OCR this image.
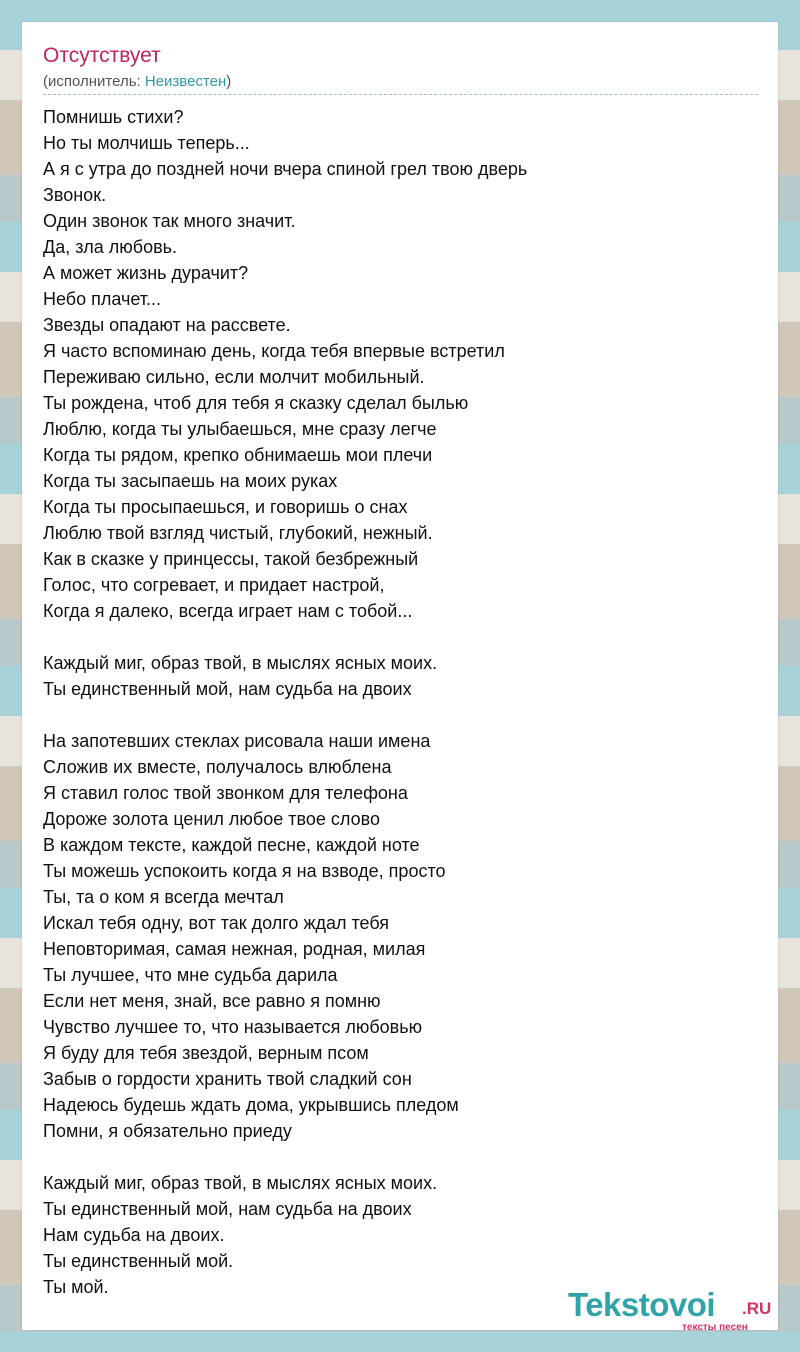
Отсутствует
(исполнитель: Неизвестен)
Помнишь стихи?
Но ты молчишь теперь...
А я с утра до поздней ночи вчера спиной грел твою дверь
Звонок.
Один звонок так много значит.
Да, зла любовь.
А может жизнь дурачит?
Небо плачет...
Звезды опадают на рассвете.
Я часто вспоминаю день, когда тебя впервые встретил
Переживаю сильно, если молчит мобильный.
Ты рождена, чтоб для тебя я сказку сделал былью
Люблю, когда ты улыбаешься, мне сразу легче
Когда ты рядом, крепко обнимаешь мои плечи
Когда ты засыпаешь на моих руках
Когда ты просыпаешься, и говоришь о снах
Люблю твой взгляд чистый, глубокий, нежный.
Как в сказке у принцессы, такой безбрежный
Голос, что согревает, и придает настрой,
Когда я далеко, всегда играет нам с тобой...
Каждый миг, образ твой, в мыслях ясных моих.
Ты единственный мой, нам судьба на двоих
На запотевших стеклах рисовала наши имена
Сложив их вместе, получалось влюблена
Я ставил голос твой звонком для телефона
Дороже золота ценил любое твое слово
В каждом тексте, каждой песне, каждой ноте
Ты можешь успокоить когда я на взводе, просто
Ты, та о ком я всегда мечтал
Искал тебя одну, вот так долго ждал тебя
Неповторимая, самая нежная, родная, милая
Ты лучшее, что мне судьба дарила
Если нет меня, знай, все равно я помню
Чувство лучшее то, что называется любовью
Я буду для тебя звездой, верным псом
Забыв о гордости хранить твой сладкий сон
Надеюсь будешь ждать дома, укрывшись пледом
Помни, я обязательно приеду
Каждый миг, образ твой, в мыслях ясных моих.
Ты единственный мой, нам судьба на двоих
Нам судьба на двоих.
Ты единственный мой.
Ты мой.	Tekstovoi .RU
тексты песен
